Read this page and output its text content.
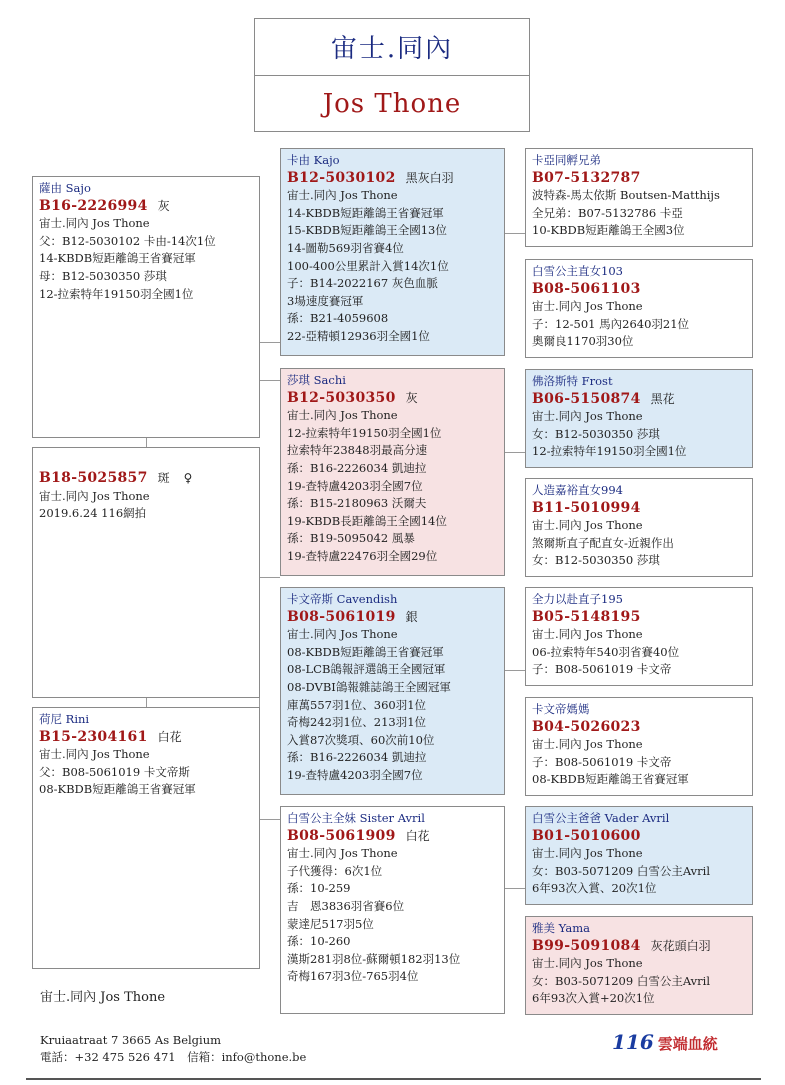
宙士.同內
Jos Thone
薩由 Sajo
B16-2226994 灰
宙士.同內 Jos Thone
父：B12-5030102 卡由-14次1位
14-KBDB短距離鴿王省賽冠軍
母：B12-5030350 莎琪
12-拉索特年19150羽全國1位
B18-5025857 斑 ♀
宙士.同內 Jos Thone
2019.6.24 116網拍
荷尼 Rini
B15-2304161 白花
宙士.同內 Jos Thone
父：B08-5061019 卡文帝斯
08-KBDB短距離鴿王省賽冠軍
卡由 Kajo
B12-5030102 黑灰白羽
宙士.同內 Jos Thone
14-KBDB短距離鴿王省賽冠軍
15-KBDB短距離鴿王全國13位
14-圖勒569羽省賽4位
100-400公里累計入賞14次1位
子：B14-2022167 灰色血脈
3場速度賽冠軍
孫：B21-4059608
22-亞精頓12936羽全國1位
莎琪 Sachi
B12-5030350 灰
宙士.同內 Jos Thone
12-拉索特年19150羽全國1位
拉索特年23848羽最高分速
孫：B16-2226034 凱迪拉
19-查特盧4203羽全國7位
孫：B15-2180963 沃爾夫
19-KBDB長距離鴿王全國14位
孫：B19-5095042 風暴
19-查特盧22476羽全國29位
卡文帝斯 Cavendish
B08-5061019 銀
宙士.同內 Jos Thone
08-KBDB短距離鴿王省賽冠軍
08-LCB鴿報評選鴿王全國冠軍
08-DVBI鴿報雜誌鴿王全國冠軍
庫萬557羽1位、360羽1位
奇梅242羽1位、213羽1位
入賞87次獎項、60次前10位
孫：B16-2226034 凱迪拉
19-查特盧4203羽全國7位
白雪公主全妹 Sister Avril
B08-5061909 白花
宙士.同內 Jos Thone
子代獲得：6次1位
孫：10-259
吉　恩3836羽省賽6位
蒙達尼517羽5位
孫：10-260
漢斯281羽8位-蘇爾頓182羽13位
奇梅167羽3位-765羽4位
卡亞同孵兄弟
B07-5132787
波特森-馬太依斯 Boutsen-Matthijs
全兄弟：B07-5132786 卡亞
10-KBDB短距離鴿王全國3位
白雪公主直女103
B08-5061103
宙士.同內 Jos Thone
子：12-501 馬內2640羽21位
奧爾良1170羽30位
佛洛斯特 Frost
B06-5150874 黑花
宙士.同內 Jos Thone
女：B12-5030350 莎琪
12-拉索特年19150羽全國1位
人造嘉裕直女994
B11-5010994
宙士.同內 Jos Thone
煞爾斯直子配直女-近親作出
女：B12-5030350 莎琪
全力以赴直子195
B05-5148195
宙士.同內 Jos Thone
06-拉索特年540羽省賽40位
子：B08-5061019 卡文帝
卡文帝媽媽
B04-5026023
宙士.同內 Jos Thone
子：B08-5061019 卡文帝
08-KBDB短距離鴿王省賽冠軍
白雪公主爸爸 Vader Avril
B01-5010600
宙士.同內 Jos Thone
女：B03-5071209 白雪公主Avril
6年93次入賞、20次1位
雅美 Yama
B99-5091084 灰花頭白羽
宙士.同內 Jos Thone
女：B03-5071209 白雪公主Avril
6年93次入賞+20次1位
宙士.同內 Jos Thone
Kruiaatraat 7 3665 As Belgium
電話：+32 475 526 471　信箱：info@thone.be
116 雲端血統
